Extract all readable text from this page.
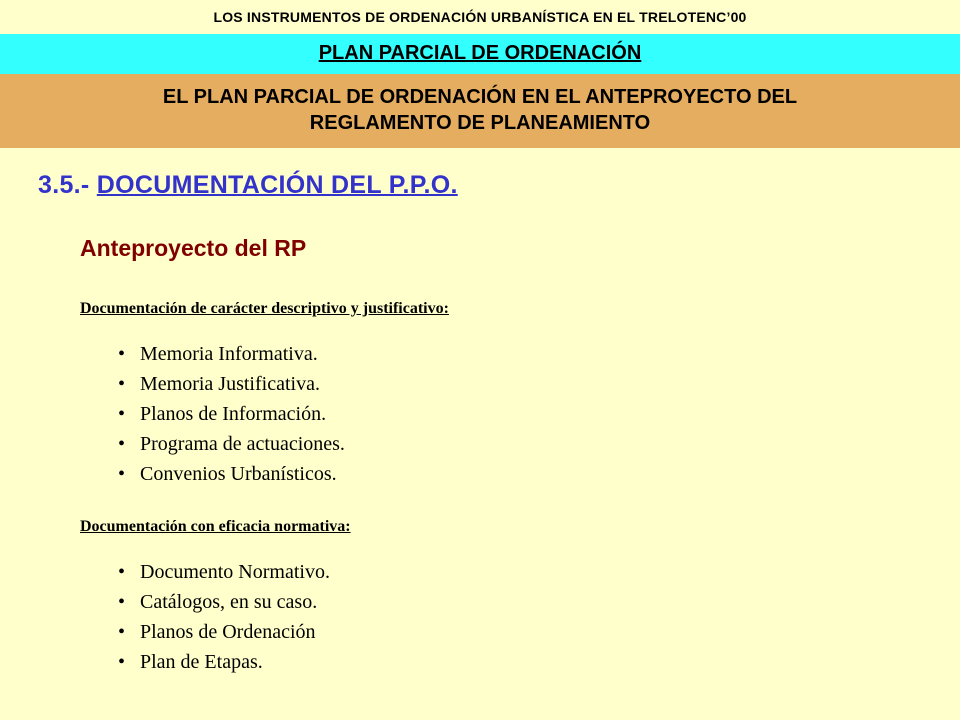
LOS INSTRUMENTOS DE ORDENACIÓN URBANÍSTICA EN EL TRELOTENC’00
PLAN PARCIAL DE ORDENACIÓN
EL PLAN PARCIAL DE ORDENACIÓN EN EL ANTEPROYECTO DEL
REGLAMENTO DE PLANEAMIENTO
3.5.- DOCUMENTACIÓN DEL P.P.O.
Anteproyecto del RP
Documentación de carácter descriptivo y justificativo:
• Memoria Informativa.
• Memoria Justificativa.
• Planos de Información.
• Programa de actuaciones.
• Convenios Urbanísticos.
Documentación con eficacia normativa:
• Documento Normativo.
• Catálogos, en su caso.
• Planos de Ordenación
• Plan de Etapas.
